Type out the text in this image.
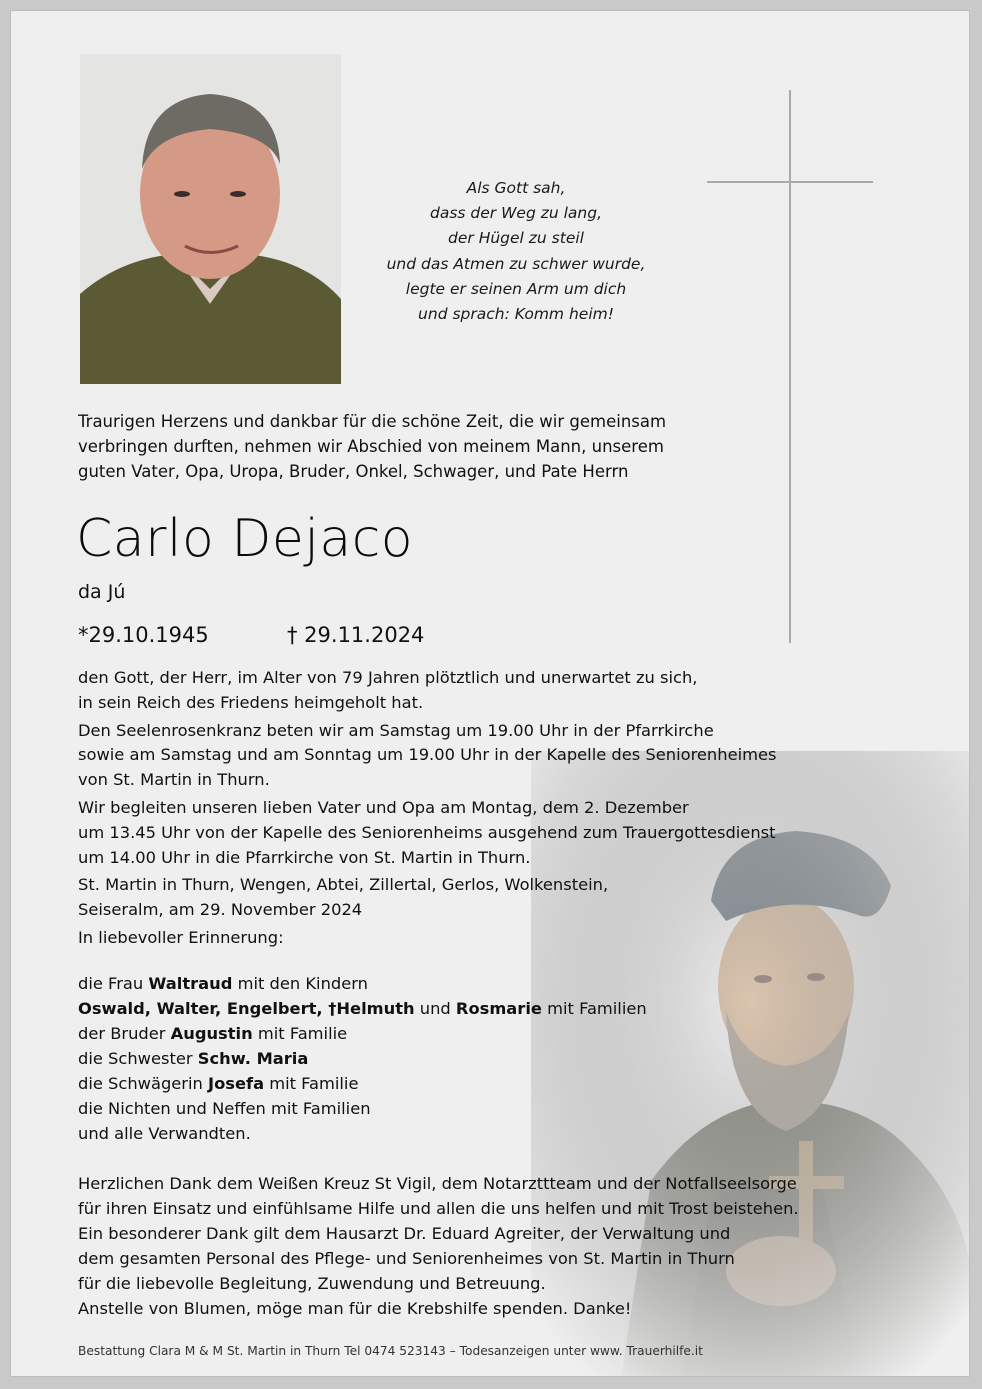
Als Gott sah,
dass der Weg zu lang,
der Hügel zu steil
und das Atmen zu schwer wurde,
legte er seinen Arm um dich
und sprach: Komm heim!
Traurigen Herzens und dankbar für die schöne Zeit, die wir gemeinsam
verbringen durften, nehmen wir Abschied von meinem Mann, unserem
guten Vater, Opa, Uropa, Bruder, Onkel, Schwager, und Pate Herrn
Carlo Dejaco
da Jú
*29.10.1945	† 29.11.2024
den Gott, der Herr, im Alter von 79 Jahren plötztlich und unerwartet zu sich,
in sein Reich des Friedens heimgeholt hat.
Den Seelenrosenkranz beten wir am Samstag um 19.00 Uhr in der Pfarrkirche
sowie am Samstag und am Sonntag um 19.00 Uhr in der Kapelle des Seniorenheimes
von St. Martin in Thurn.
Wir begleiten unseren lieben Vater und Opa am Montag, dem 2. Dezember
um 13.45 Uhr von der Kapelle des Seniorenheims ausgehend zum Trauergottesdienst
um 14.00 Uhr in die Pfarrkirche von St. Martin in Thurn.
St. Martin in Thurn, Wengen, Abtei, Zillertal, Gerlos, Wolkenstein,
Seiseralm, am 29. November 2024
In liebevoller Erinnerung:
die Frau Waltraud mit den Kindern
Oswald, Walter, Engelbert, †Helmuth und Rosmarie mit Familien
der Bruder Augustin mit Familie
die Schwester Schw. Maria
die Schwägerin Josefa mit Familie
die Nichten und Neffen mit Familien
und alle Verwandten.
Herzlichen Dank dem Weißen Kreuz St Vigil, dem Notarzttteam und der Notfallseelsorge
für ihren Einsatz und einfühlsame Hilfe und allen die uns helfen und mit Trost beistehen.
Ein besonderer Dank gilt dem Hausarzt Dr. Eduard Agreiter, der Verwaltung und
dem gesamten Personal des Pflege- und Seniorenheimes von St. Martin in Thurn
für die liebevolle Begleitung, Zuwendung und Betreuung.
Anstelle von Blumen, möge man für die Krebshilfe spenden. Danke!
Bestattung Clara M & M St. Martin in Thurn Tel 0474 523143 – Todesanzeigen unter www. Trauerhilfe.it
